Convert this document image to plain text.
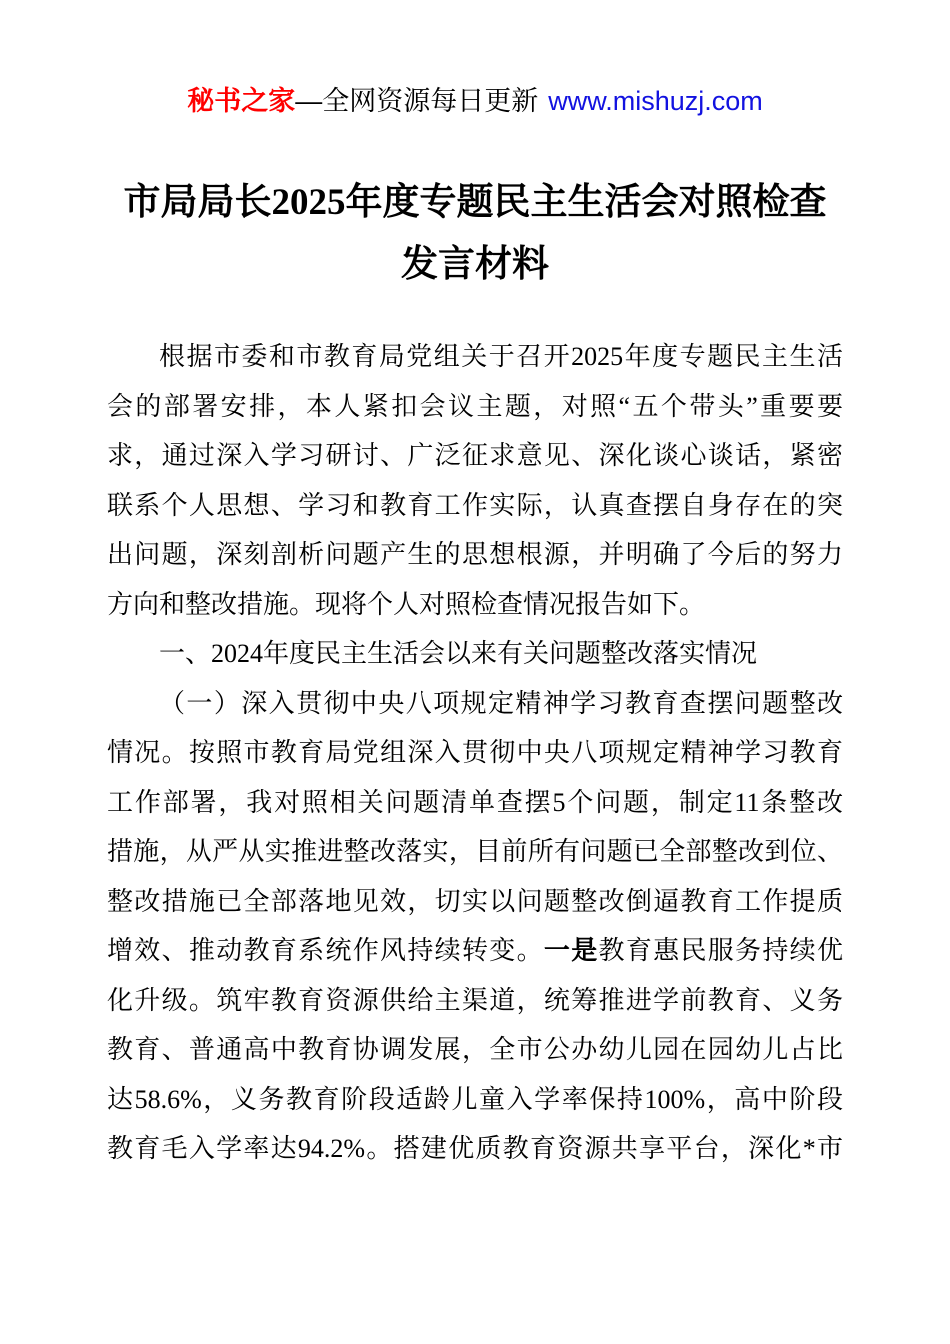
秘书之家—全网资源每日更新 www.mishuzj.com
市局局长2025年度专题民主生活会对照检查
发言材料
根据市委和市教育局党组关于召开2025年度专题民主生活
会的部署安排，本人紧扣会议主题，对照“五个带头”重要要
求，通过深入学习研讨、广泛征求意见、深化谈心谈话，紧密
联系个人思想、学习和教育工作实际，认真查摆自身存在的突
出问题，深刻剖析问题产生的思想根源，并明确了今后的努力
方向和整改措施。现将个人对照检查情况报告如下。
一、2024年度民主生活会以来有关问题整改落实情况
（一）深入贯彻中央八项规定精神学习教育查摆问题整改
情况。按照市教育局党组深入贯彻中央八项规定精神学习教育
工作部署，我对照相关问题清单查摆5个问题，制定11条整改
措施，从严从实推进整改落实，目前所有问题已全部整改到位、
整改措施已全部落地见效，切实以问题整改倒逼教育工作提质
增效、推动教育系统作风持续转变。一是教育惠民服务持续优
化升级。筑牢教育资源供给主渠道，统筹推进学前教育、义务
教育、普通高中教育协调发展，全市公办幼儿园在园幼儿占比
达58.6%，义务教育阶段适龄儿童入学率保持100%，高中阶段
教育毛入学率达94.2%。搭建优质教育资源共享平台，深化*市
